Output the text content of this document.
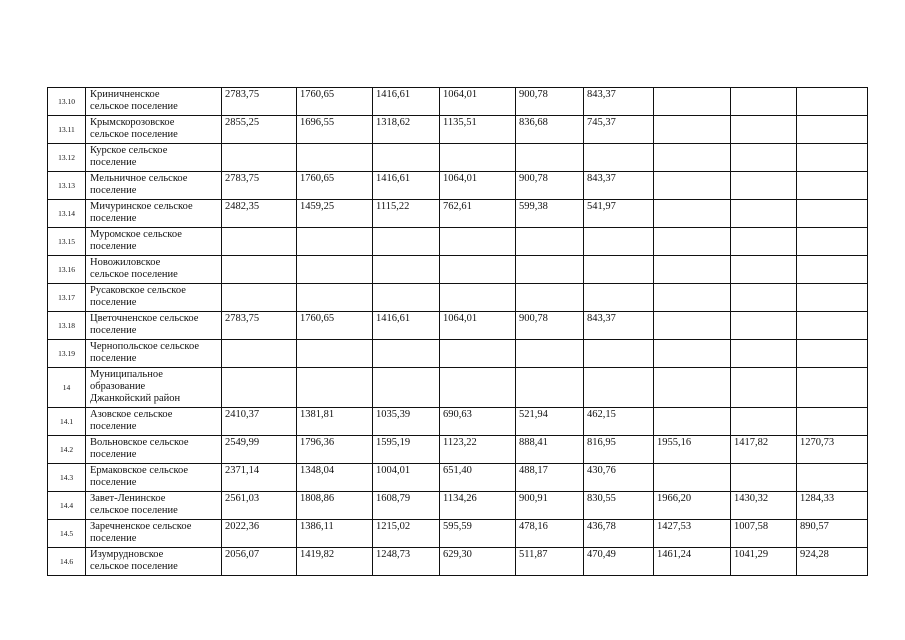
13.10	Криничненское
сельское поселение	2783,75	1760,65	1416,61	1064,01	900,78	843,37			
13.11	Крымскорозовское
сельское поселение	2855,25	1696,55	1318,62	1135,51	836,68	745,37			
13.12	Курское сельское
поселение									
13.13	Мельничное сельское
поселение	2783,75	1760,65	1416,61	1064,01	900,78	843,37			
13.14	Мичуринское сельское
поселение	2482,35	1459,25	1115,22	762,61	599,38	541,97			
13.15	Муромское сельское
поселение									
13.16	Новожиловское
сельское поселение									
13.17	Русаковское сельское
поселение									
13.18	Цветочненское сельское
поселение	2783,75	1760,65	1416,61	1064,01	900,78	843,37			
13.19	Чернопольское сельское
поселение									
14	Муниципальное
образование
Джанкойский район									
14.1	Азовское сельское
поселение	2410,37	1381,81	1035,39	690,63	521,94	462,15			
14.2	Вольновское сельское
поселение	2549,99	1796,36	1595,19	1123,22	888,41	816,95	1955,16	1417,82	1270,73
14.3	Ермаковское сельское
поселение	2371,14	1348,04	1004,01	651,40	488,17	430,76			
14.4	Завет-Ленинское
сельское поселение	2561,03	1808,86	1608,79	1134,26	900,91	830,55	1966,20	1430,32	1284,33
14.5	Заречненское сельское
поселение	2022,36	1386,11	1215,02	595,59	478,16	436,78	1427,53	1007,58	890,57
14.6	Изумрудновское
сельское поселение	2056,07	1419,82	1248,73	629,30	511,87	470,49	1461,24	1041,29	924,28
